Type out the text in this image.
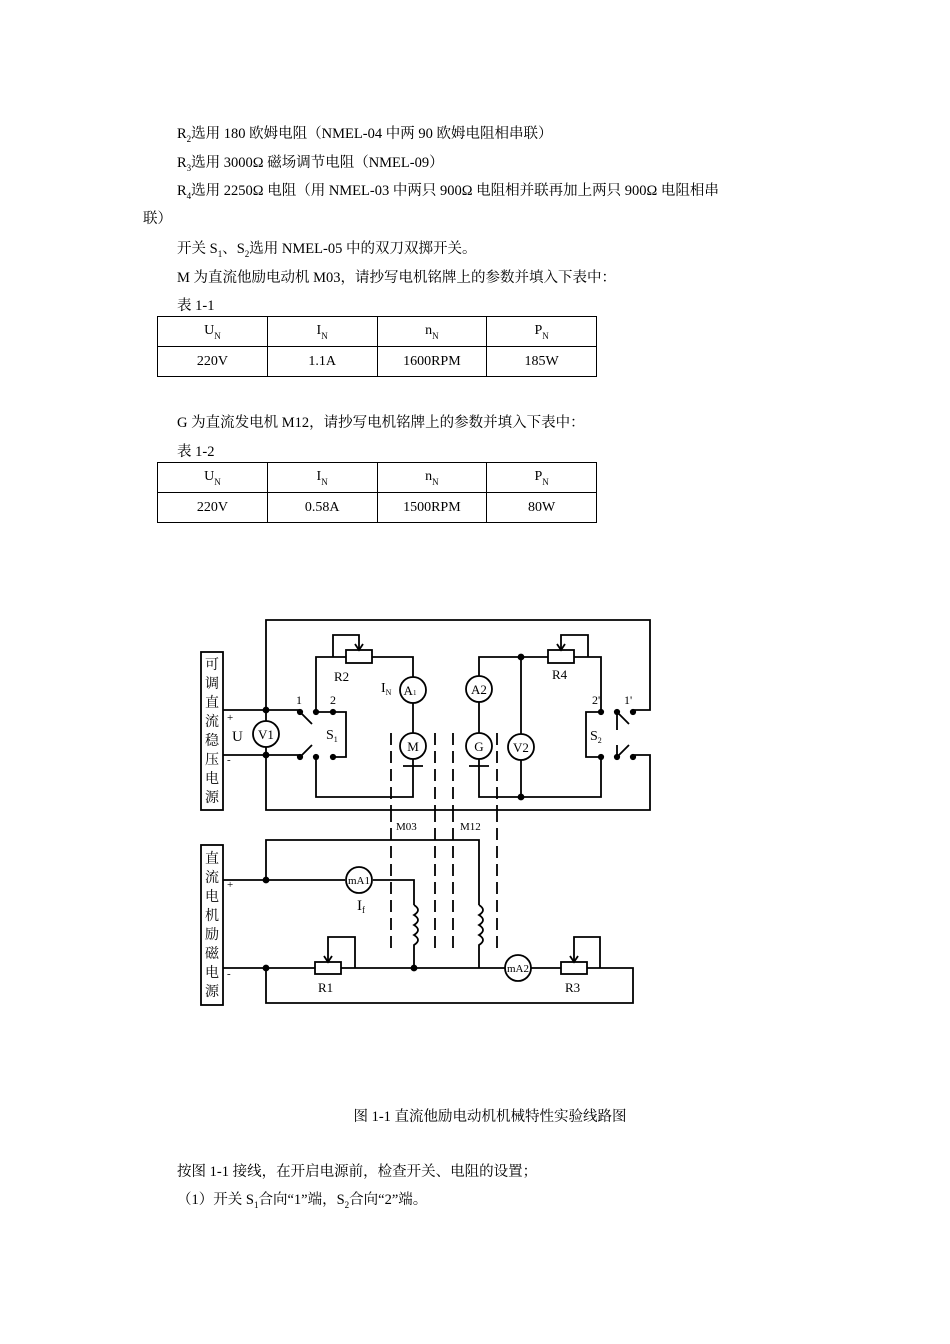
$R_2$选用 180 欧姆电阻（NMEL-04 中两 90 欧姆电阻相串联）
$R_3$选用 3000Ω 磁场调节电阻（NMEL-09）
$R_4$选用 2250Ω 电阻（用 NMEL-03 中两只 900Ω 电阻相并联再加上两只 900Ω 电阻相串
联）
开关 $S_1$、$S_2$选用 NMEL-05 中的双刀双掷开关。
M 为直流他励电动机 M03，请抄写电机铭牌上的参数并填入下表中：
表 1-1
$U_N$	$I_N$	$n_N$	$P_N$
220V	1.1A	1600RPM	185W
G 为直流发电机 M12，请抄写电机铭牌上的参数并填入下表中：
表 1-2
$U_N$	$I_N$	$n_N$	$P_N$
220V	0.58A	1500RPM	80W
可
调
直
流
稳
压
电
源
直
流
电
机
励
磁
电
源
+
-
+
-
V1
U
1 2
$S_1$
R2
A1
$I_N$
M	G
A2
V2
R4
2' 1'
$S_2$
M03	M12
mA1
$I_f$
R1
mA2
R3
图 1-1 直流他励电动机机械特性实验线路图
按图 1-1 接线，在开启电源前，检查开关、电阻的设置；
（1）开关 $S_1$合向“1”端，$S_2$合向“2”端。
